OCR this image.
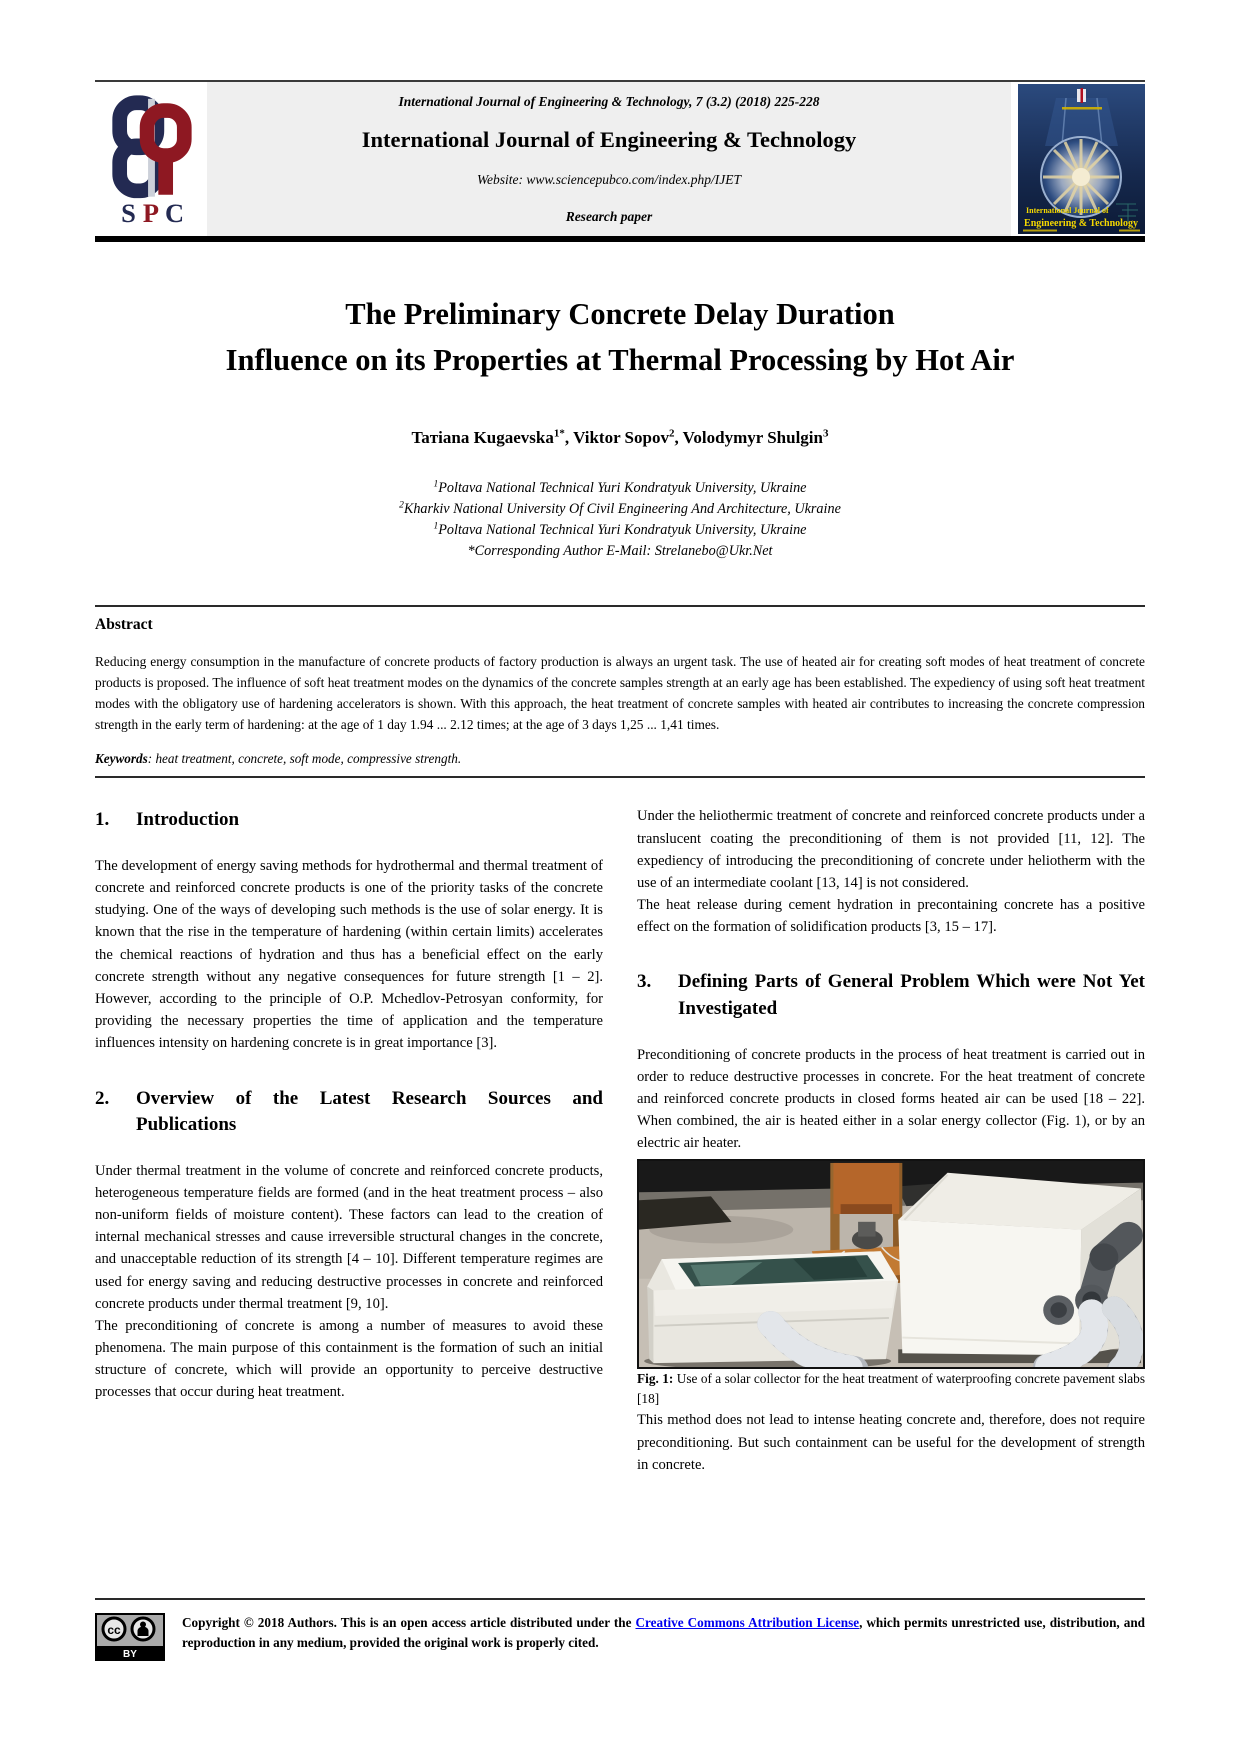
S P C
International Journal of Engineering & Technology, 7 (3.2) (2018) 225-228
International Journal of Engineering & Technology
Website: www.sciencepubco.com/index.php/IJET
Research paper	International Journal of
Engineering & Technology
The Preliminary Concrete Delay Duration
Influence on its Properties at Thermal Processing by Hot Air
Taтiana Kugaevska$^{1*}$, Viktor Sopov$^2$, Volodymyr Shulgin$^3$
$^1$Poltava National Technical Yuri Kondratyuk University, Ukraine
$^2$Kharkiv National University Of Civil Engineering And Architecture, Ukraine
$^1$Poltava National Technical Yuri Kondratyuk University, Ukraine
*Corresponding Author E-Mail: Strelanebo@Ukr.Net
Abstract

Reducing energy consumption in the manufacture of concrete products of factory production is always an urgent task. The use of heated air for creating soft modes of heat treatment of concrete products is proposed. The influence of soft heat treatment modes on the dynamics of the concrete samples strength at an early age has been established. The expediency of using soft heat treatment modes with the obligatory use of hardening accelerators is shown. With this approach, the heat treatment of concrete samples with heated air contributes to increasing the concrete compression strength in the early term of hardening: at the age of 1 day 1.94 ... 2.12 times; at the age of 3 days 1,25 ... 1,41 times.

Keywords: heat treatment, concrete, soft mode, compressive strength.

1.	Introduction

The development of energy saving methods for hydrothermal and thermal treatment of concrete and reinforced concrete products is one of the priority tasks of the concrete studying. One of the ways of developing such methods is the use of solar energy. It is known that the rise in the temperature of hardening (within certain limits) accelerates the chemical reactions of hydration and thus has a beneficial effect on the early concrete strength without any negative consequences for future strength [1 – 2]. However, according to the principle of O.P. Mchedlov-Petrosyan conformity, for providing the necessary properties the time of application and the temperature influences intensity on hardening concrete is in great importance [3].

2.	Overview of the Latest Research Sources and Publications

Under thermal treatment in the volume of concrete and reinforced concrete products, heterogeneous temperature fields are formed (and in the heat treatment process – also non-uniform fields of moisture content). These factors can lead to the creation of internal mechanical stresses and cause irreversible structural changes in the concrete, and unacceptable reduction of its strength [4 – 10]. Different temperature regimes are used for energy saving and reducing destructive processes in concrete and reinforced concrete products under thermal treatment [9, 10].

The preconditioning of concrete is among a number of measures to avoid these phenomena. The main purpose of this containment is the formation of such an initial structure of concrete, which will provide an opportunity to perceive destructive processes that occur during heat treatment.

Under the heliothermic treatment of concrete and reinforced concrete products under a translucent coating the preconditioning of them is not provided [11, 12]. The expediency of introducing the preconditioning of concrete under heliotherm with the use of an intermediate coolant [13, 14] is not considered.

The heat release during cement hydration in precontaining concrete has a positive effect on the formation of solidification products [3, 15 – 17].

3.	Defining Parts of General Problem Which were Not Yet Investigated

Preconditioning of concrete products in the process of heat treatment is carried out in order to reduce destructive processes in concrete. For the heat treatment of concrete and reinforced concrete products in closed forms heated air can be used [18 – 22]. When combined, the air is heated either in a solar energy collector (Fig. 1), or by an electric air heater.

Fig. 1: Use of a solar collector for the heat treatment of waterproofing concrete pavement slabs [18]

This method does not lead to intense heating concrete and, therefore, does not require preconditioning. But such containment can be useful for the development of strength in concrete.

cc
BY

Copyright © 2018 Authors. This is an open access article distributed under the Creative Commons Attribution License, which permits unrestricted use, distribution, and reproduction in any medium, provided the original work is properly cited.
